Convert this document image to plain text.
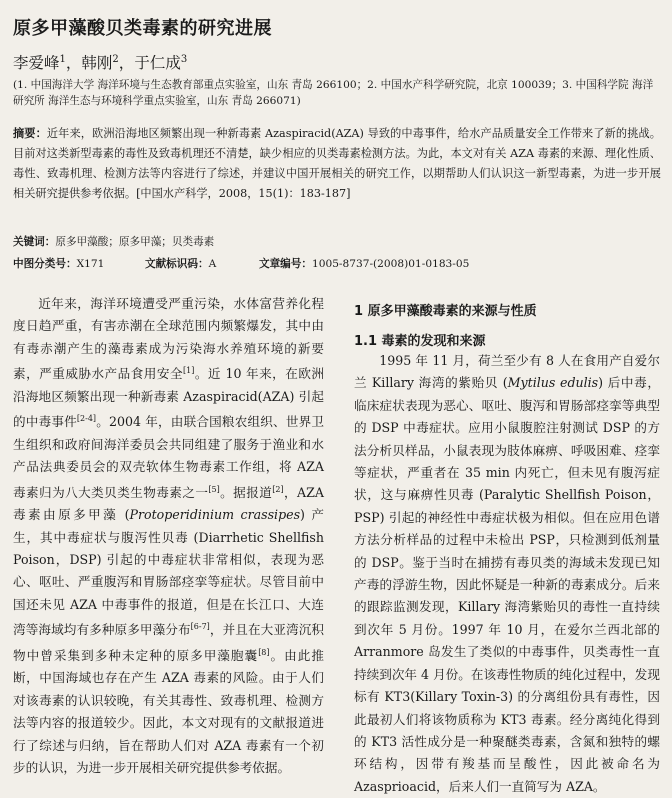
原多甲藻酸贝类毒素的研究进展
李爱峰$^1$，韩刚$^2$，于仁成$^3$
(1. 中国海洋大学 海洋环境与生态教育部重点实验室，山东 青岛 266100；2. 中国水产科学研究院，北京 100039；3. 中国科学院 海洋研究所 海洋生态与环境科学重点实验室，山东 青岛 266071)
摘要：近年来，欧洲沿海地区频繁出现一种新毒素 Azaspiracid(AZA) 导致的中毒事件，给水产品质量安全工作带来了新的挑战。目前对这类新型毒素的毒性及致毒机理还不清楚，缺少相应的贝类毒素检测方法。为此，本文对有关 AZA 毒素的来源、理化性质、毒性、致毒机理、检测方法等内容进行了综述，并建议中国开展相关的研究工作，以期帮助人们认识这一新型毒素，为进一步开展相关研究提供参考依据。[中国水产科学，2008，15(1)：183-187]
关键词：原多甲藻酸；原多甲藻；贝类毒素
中图分类号：X171	文献标识码：A	文章编号：1005-8737-(2008)01-0183-05

近年来，海洋环境遭受严重污染，水体富营养化程度日趋严重，有害赤潮在全球范围内频繁爆发，其中由有毒赤潮产生的藻毒素成为污染海水养殖环境的新要素，严重威胁水产品食用安全[1]。近 10 年来，在欧洲沿海地区频繁出现一种新毒素 Azaspiracid(AZA) 引起的中毒事件[2-4]。2004 年，由联合国粮农组织、世界卫生组织和政府间海洋委员会共同组建了服务于渔业和水产品法典委员会的双壳软体生物毒素工作组，将 AZA 毒素归为八大类贝类生物毒素之一[5]。据报道[2]，AZA 毒素由原多甲藻 (Protoperidinium crassipes) 产生，其中毒症状与腹泻性贝毒 (Diarrhetic Shellfish Poison，DSP) 引起的中毒症状非常相似，表现为恶心、呕吐、严重腹泻和胃肠部痉挛等症状。尽管目前中国还未见 AZA 中毒事件的报道，但是在长江口、大连湾等海域均有多种原多甲藻分布[6-7]，并且在大亚湾沉积物中曾采集到多种未定种的原多甲藻胞囊[8]。由此推断，中国海域也存在产生 AZA 毒素的风险。由于人们对该毒素的认识较晚，有关其毒性、致毒机理、检测方法等内容的报道较少。因此，本文对现有的文献报道进行了综述与归纳，旨在帮助人们对 AZA 毒素有一个初步的认识，为进一步开展相关研究提供参考依据。

1 原多甲藻酸毒素的来源与性质
1.1 毒素的发现和来源

1995 年 11 月，荷兰至少有 8 人在食用产自爱尔兰 Killary 海湾的紫贻贝 (Mytilus edulis) 后中毒，临床症状表现为恶心、呕吐、腹泻和胃肠部痉挛等典型的 DSP 中毒症状。应用小鼠腹腔注射测试 DSP 的方法分析贝样品，小鼠表现为肢体麻痹、呼吸困难、痉挛等症状，严重者在 35 min 内死亡，但未见有腹泻症状，这与麻痹性贝毒 (Paralytic Shellfish Poison，PSP) 引起的神经性中毒症状极为相似。但在应用色谱方法分析样品的过程中未检出 PSP，只检测到低剂量的 DSP。鉴于当时在捕捞有毒贝类的海域未发现已知产毒的浮游生物，因此怀疑是一种新的毒素成分。后来的跟踪监测发现，Killary 海湾紫贻贝的毒性一直持续到次年 5 月份。1997 年 10 月，在爱尔兰西北部的 Arranmore 岛发生了类似的中毒事件，贝类毒性一直持续到次年 4 月份。在该毒性物质的纯化过程中，发现标有 KT3(Killary Toxin-3) 的分离组份具有毒性，因此最初人们将该物质称为 KT3 毒素。经分离纯化得到的 KT3 活性成分是一种聚醚类毒素，含氮和独特的螺环结构，因带有羧基而呈酸性，因此被命名为 Azasprioacid，后来人们一直简写为 AZA。
